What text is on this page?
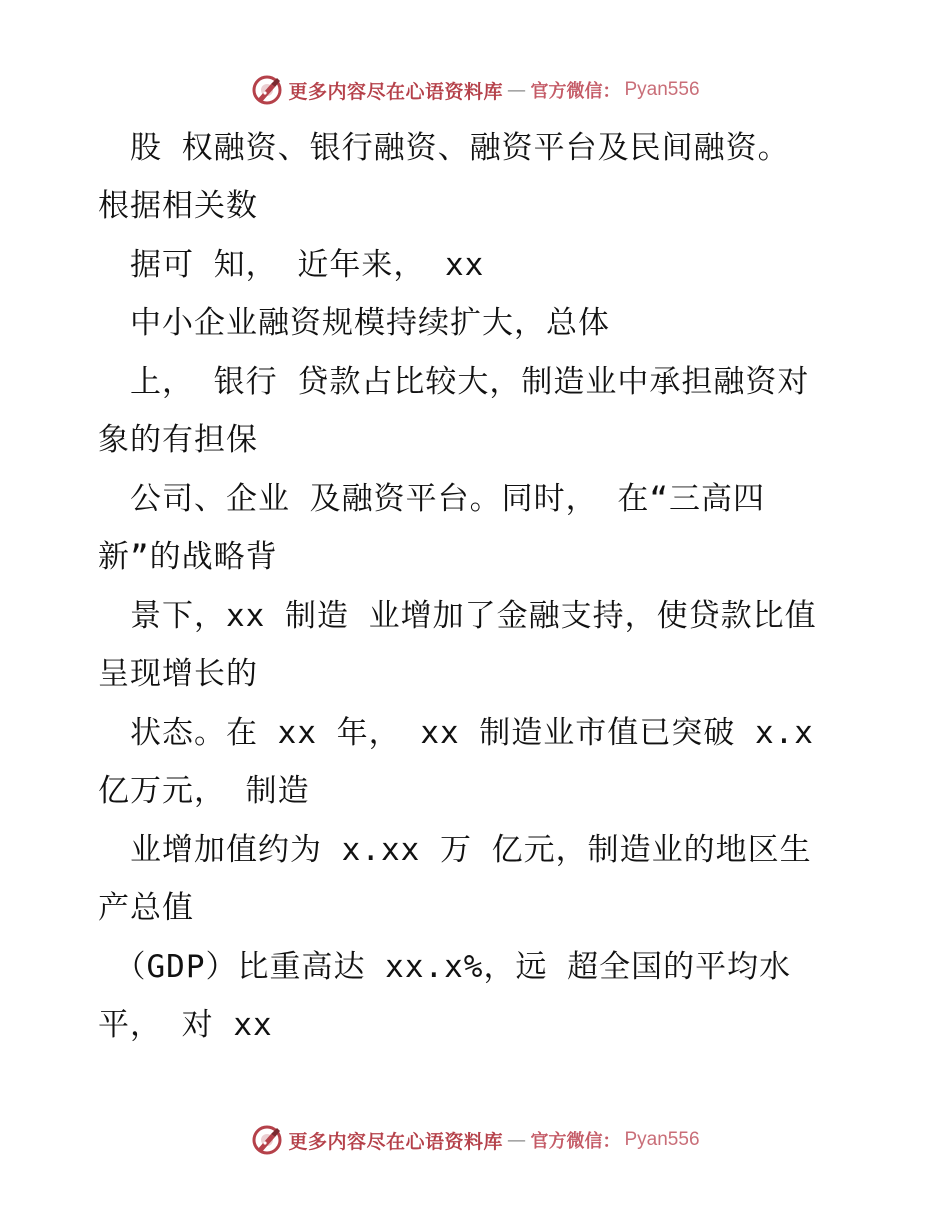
更多内容尽在心语资料库 — 官方微信： Pyan556
　股 权融资、银行融资、融资平台及民间融资。
根据相关数
　据可 知， 近年来， xx
　中小企业融资规模持续扩大，总体
　上， 银行 贷款占比较大，制造业中承担融资对
象的有担保
　公司、企业 及融资平台。同时， 在“三高四
新”的战略背
　景下，xx 制造 业增加了金融支持，使贷款比值
呈现增长的
　状态。在 xx 年， xx 制造业市值已突破 x.x
亿万元， 制造
　业增加值约为 x.xx 万 亿元，制造业的地区生
产总值
　（GDP）比重高达 xx.x%，远 超全国的平均水
平， 对 xx
更多内容尽在心语资料库 — 官方微信： Pyan556
